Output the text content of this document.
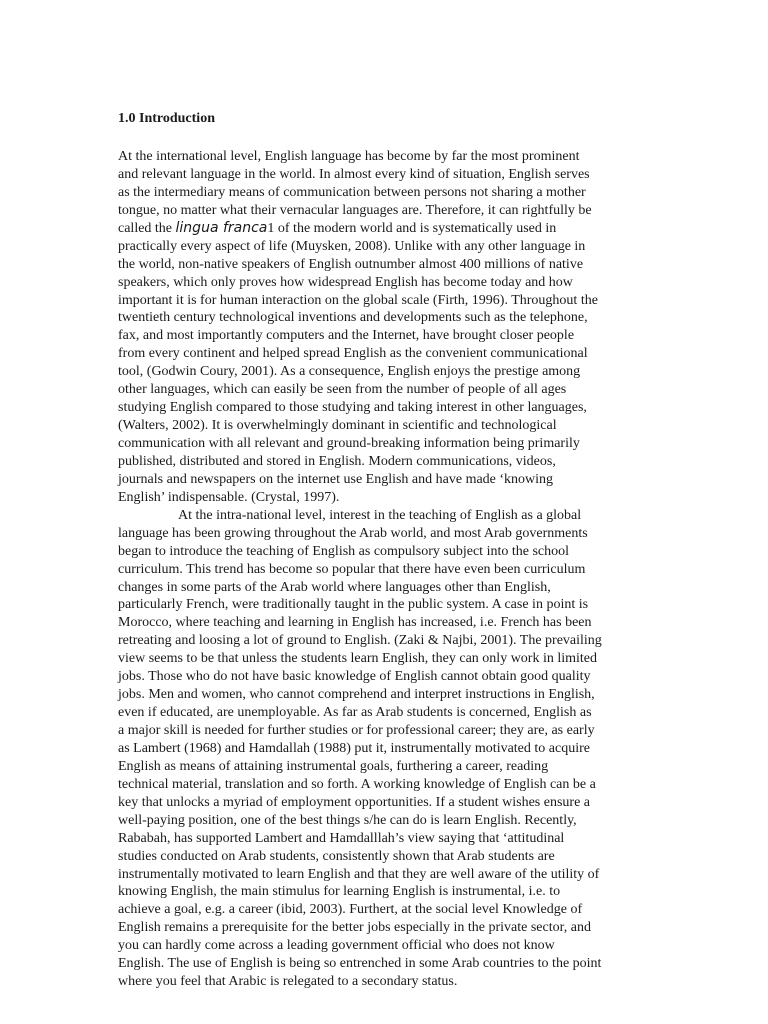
1.0 Introduction

At the international level, English language has become by far the most prominent
and relevant language in the world. In almost every kind of situation, English serves
as the intermediary means of communication between persons not sharing a mother
tongue, no matter what their vernacular languages are. Therefore, it can rightfully be
called the lingua franca1 of the modern world and is systematically used in
practically every aspect of life (Muysken, 2008). Unlike with any other language in
the world, non-native speakers of English outnumber almost 400 millions of native
speakers, which only proves how widespread English has become today and how
important it is for human interaction on the global scale (Firth, 1996). Throughout the
twentieth century technological inventions and developments such as the telephone,
fax, and most importantly computers and the Internet, have brought closer people
from every continent and helped spread English as the convenient communicational
tool, (Godwin Coury, 2001). As a consequence, English enjoys the prestige among
other languages, which can easily be seen from the number of people of all ages
studying English compared to those studying and taking interest in other languages,
(Walters, 2002). It is overwhelmingly dominant in scientific and technological
communication with all relevant and ground-breaking information being primarily
published, distributed and stored in English. Modern communications, videos,
journals and newspapers on the internet use English and have made ‘knowing
English’ indispensable. (Crystal, 1997).
At the intra-national level, interest in the teaching of English as a global
language has been growing throughout the Arab world, and most Arab governments
began to introduce the teaching of English as compulsory subject into the school
curriculum. This trend has become so popular that there have even been curriculum
changes in some parts of the Arab world where languages other than English,
particularly French, were traditionally taught in the public system. A case in point is
Morocco, where teaching and learning in English has increased, i.e. French has been
retreating and loosing a lot of ground to English. (Zaki & Najbi, 2001). The prevailing
view seems to be that unless the students learn English, they can only work in limited
jobs. Those who do not have basic knowledge of English cannot obtain good quality
jobs. Men and women, who cannot comprehend and interpret instructions in English,
even if educated, are unemployable. As far as Arab students is concerned, English as
a major skill is needed for further studies or for professional career; they are, as early
as Lambert (1968) and Hamdallah (1988) put it, instrumentally motivated to acquire
English as means of attaining instrumental goals, furthering a career, reading
technical material, translation and so forth. A working knowledge of English can be a
key that unlocks a myriad of employment opportunities. If a student wishes ensure a
well-paying position, one of the best things s/he can do is learn English. Recently,
Rababah, has supported Lambert and Hamdalllah’s view saying that ‘attitudinal
studies conducted on Arab students, consistently shown that Arab students are
instrumentally motivated to learn English and that they are well aware of the utility of
knowing English, the main stimulus for learning English is instrumental, i.e. to
achieve a goal, e.g. a career (ibid, 2003). Furthert, at the social level Knowledge of
English remains a prerequisite for the better jobs especially in the private sector, and
you can hardly come across a leading government official who does not know
English. The use of English is being so entrenched in some Arab countries to the point
where you feel that Arabic is relegated to a secondary status.
